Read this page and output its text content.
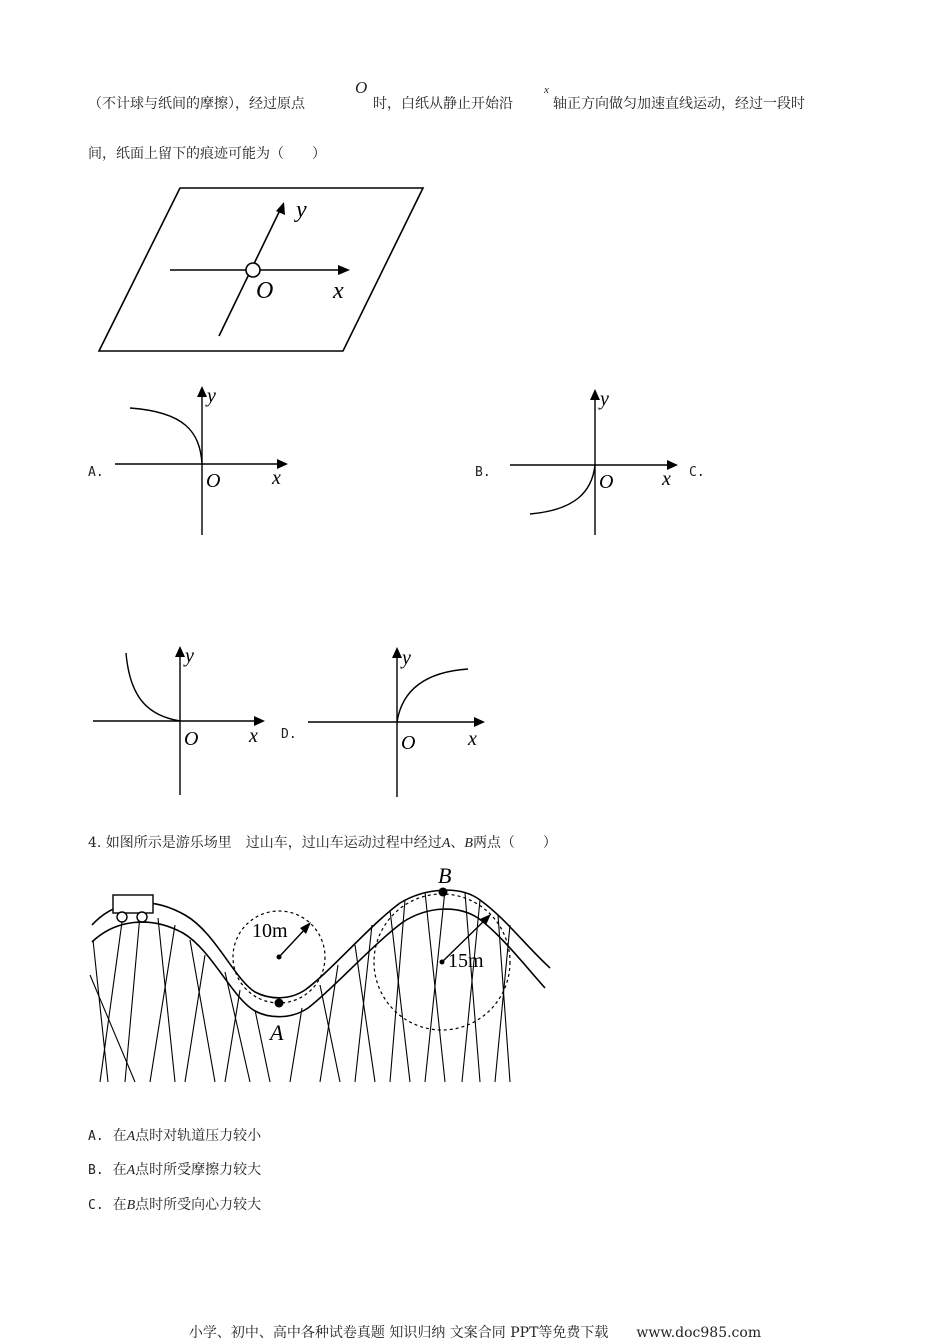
（不计球与纸间的摩擦），经过原点
O
时，白纸从静止开始沿
x
轴正方向做匀加速直线运动，经过一段时
间，纸面上留下的痕迹可能为（　　）
y
O x
A.
y
O	x	B.
y
O x C.
y
O	x D.
y
O	x
4. 如图所示是游乐场里　过山车，过山车运动过程中经过A、B两点（　　）
10m
15m
A
B
A. 在A点时对轨道压力较小
B. 在A点时所受摩擦力较大
C. 在B点时所受向心力较大
小学、初中、高中各种试卷真题 知识归纳 文案合同 PPT等免费下载　　www.doc985.com
